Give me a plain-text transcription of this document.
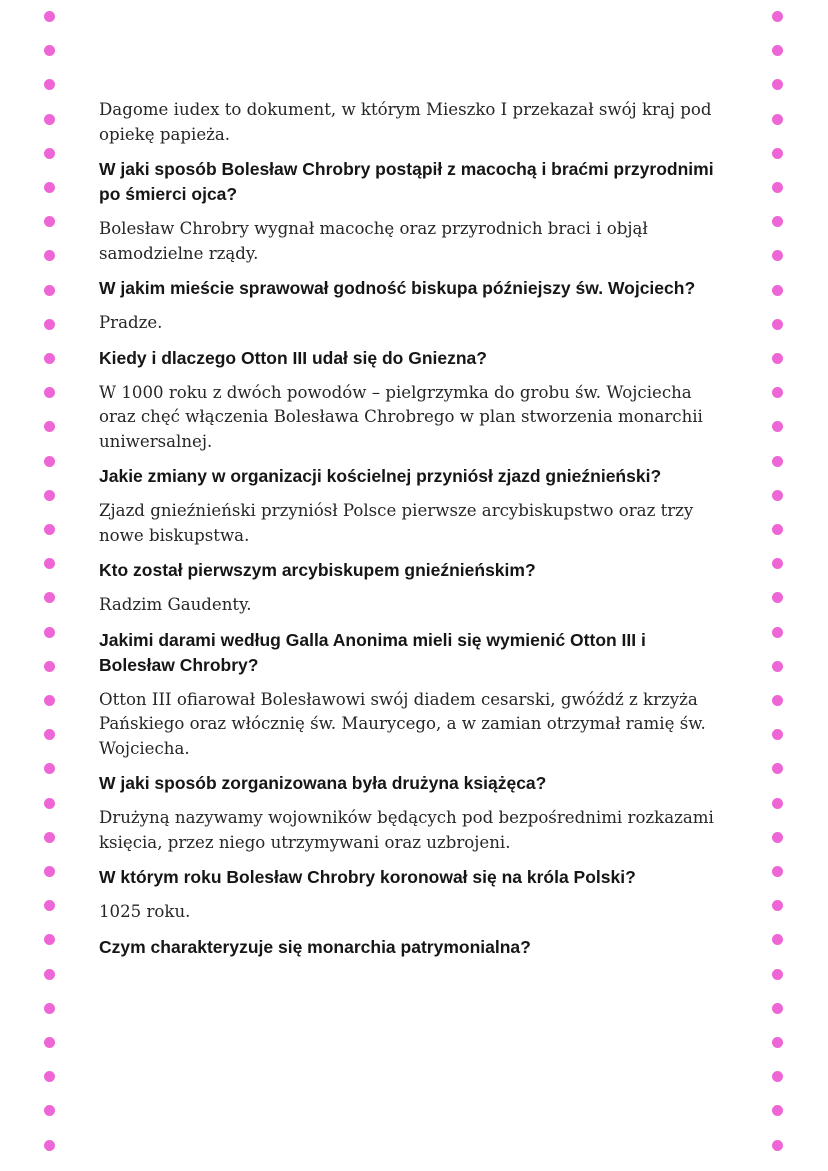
Dagome iudex to dokument, w którym Mieszko I przekazał swój kraj pod opiekę papieża.

W jaki sposób Bolesław Chrobry postąpił z macochą i braćmi przyrodnimi po śmierci ojca?

Bolesław Chrobry wygnał macochę oraz przyrodnich braci i objął samodzielne rządy.

W jakim mieście sprawował godność biskupa późniejszy św. Wojciech?

Pradze.

Kiedy i dlaczego Otton III udał się do Gniezna?

W 1000 roku z dwóch powodów – pielgrzymka do grobu św. Wojciecha oraz chęć włączenia Bolesława Chrobrego w plan stworzenia monarchii uniwersalnej.

Jakie zmiany w organizacji kościelnej przyniósł zjazd gnieźnieński?

Zjazd gnieźnieński przyniósł Polsce pierwsze arcybiskupstwo oraz trzy nowe biskupstwa.

Kto został pierwszym arcybiskupem gnieźnieńskim?

Radzim Gaudenty.

Jakimi darami według Galla Anonima mieli się wymienić Otton III i Bolesław Chrobry?

Otton III ofiarował Bolesławowi swój diadem cesarski, gwóźdź z krzyża Pańskiego oraz włócznię św. Maurycego, a w zamian otrzymał ramię św. Wojciecha.

W jaki sposób zorganizowana była drużyna książęca?

Drużyną nazywamy wojowników będących pod bezpośrednimi rozkazami księcia, przez niego utrzymywani oraz uzbrojeni.

W którym roku Bolesław Chrobry koronował się na króla Polski?

1025 roku.

Czym charakteryzuje się monarchia patrymonialna?
